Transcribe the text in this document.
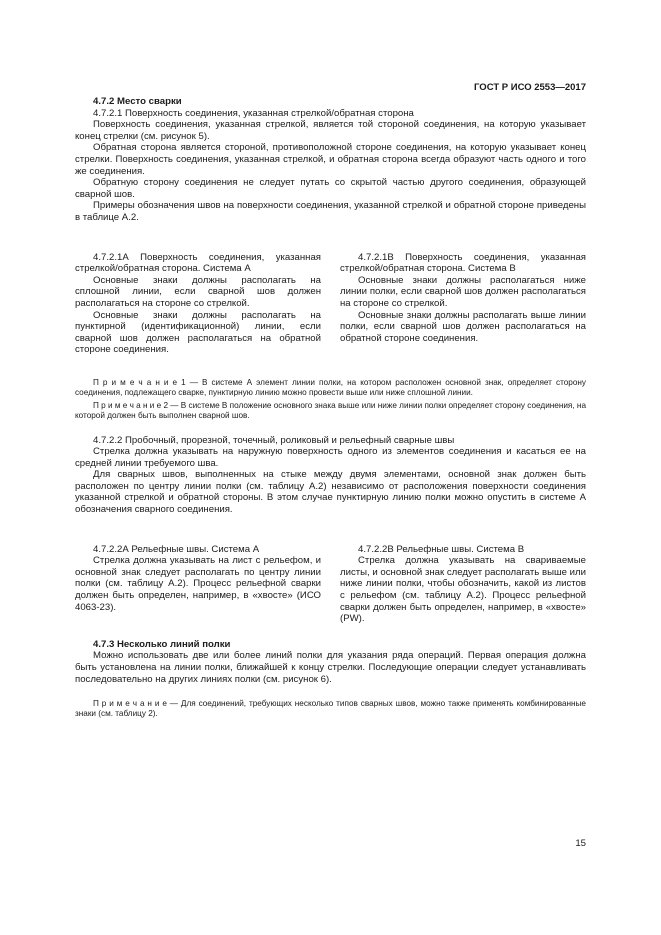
ГОСТ Р ИСО 2553—2017

4.7.2 Место сварки

4.7.2.1 Поверхность соединения, указанная стрелкой/обратная сторона

Поверхность соединения, указанная стрелкой, является той стороной соединения, на которую указывает конец стрелки (см. рисунок 5).

Обратная сторона является стороной, противоположной стороне соединения, на которую указывает конец стрелки. Поверхность соединения, указанная стрелкой, и обратная сторона всегда образуют часть одного и того же соединения.

Обратную сторону соединения не следует путать со скрытой частью другого соединения, образующей сварной шов.

Примеры обозначения швов на поверхности соединения, указанной стрелкой и обратной стороне приведены в таблице А.2.

4.7.2.1А Поверхность соединения, указанная стрелкой/обратная сторона. Система А

Основные знаки должны располагать на сплошной линии, если сварной шов должен располагаться на стороне со стрелкой.

Основные знаки должны располагать на пунктирной (идентификационной) линии, если сварной шов должен располагаться на обратной стороне соединения.

4.7.2.1В Поверхность соединения, указанная стрелкой/обратная сторона. Система В

Основные знаки должны располагаться ниже линии полки, если сварной шов должен располагаться на стороне со стрелкой.

Основные знаки должны располагать выше линии полки, если сварной шов должен располагаться на обратной стороне соединения.

П р и м е ч а н и е 1 — В системе А элемент линии полки, на котором расположен основной знак, определяет сторону соединения, подлежащего сварке, пунктирную линию можно провести выше или ниже сплошной линии.

П р и м е ч а н и е 2 — В системе В положение основного знака выше или ниже линии полки определяет сторону соединения, на которой должен быть выполнен сварной шов.

4.7.2.2 Пробочный, прорезной, точечный, роликовый и рельефный сварные швы

Стрелка должна указывать на наружную поверхность одного из элементов соединения и касаться ее на средней линии требуемого шва.

Для сварных швов, выполненных на стыке между двумя элементами, основной знак должен быть расположен по центру линии полки (см. таблицу А.2) независимо от расположения поверхности соединения указанной стрелкой и обратной стороны. В этом случае пунктирную линию полки можно опустить в системе А обозначения сварного соединения.

4.7.2.2А Рельефные швы. Система А

Стрелка должна указывать на лист с рельефом, и основной знак следует располагать по центру линии полки (см. таблицу А.2). Процесс рельефной сварки должен быть определен, например, в «хвосте» (ИСО 4063-23).

4.7.2.2В Рельефные швы. Система В

Стрелка должна указывать на свариваемые листы, и основной знак следует располагать выше или ниже линии полки, чтобы обозначить, какой из листов с рельефом (см. таблицу А.2). Процесс рельефной сварки должен быть определен, например, в «хвосте» (PW).

4.7.3 Несколько линий полки

Можно использовать две или более линий полки для указания ряда операций. Первая операция должна быть установлена на линии полки, ближайшей к концу стрелки. Последующие операции следует устанавливать последовательно на других линиях полки (см. рисунок 6).

П р и м е ч а н и е — Для соединений, требующих несколько типов сварных швов, можно также применять комбинированные знаки (см. таблицу 2).

15
